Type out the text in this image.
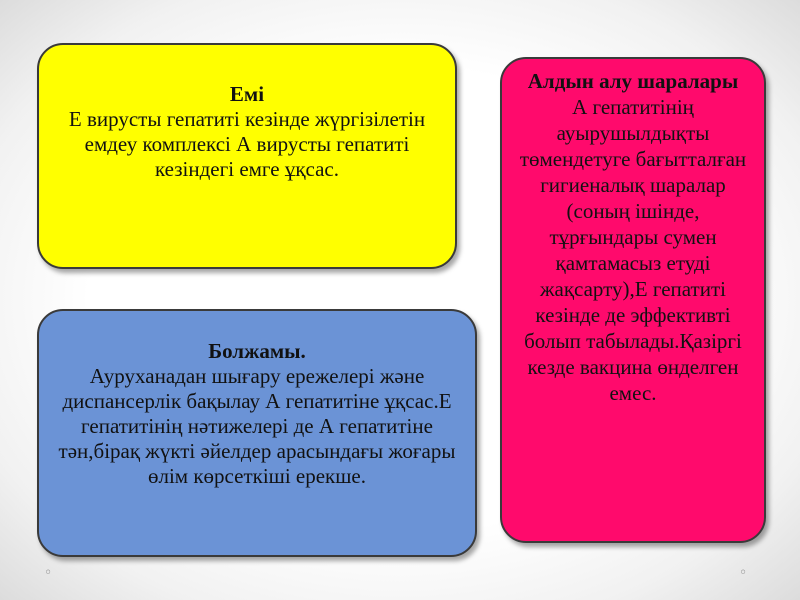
Емі
Е вирусты гепатиті кезінде жүргізілетін емдеу комплексі А вирусты гепатиті кезіндегі емге ұқсас.
Болжамы.
Ауруханадан шығару ережелері және диспансерлік бақылау А гепатитіне ұқсас.Е гепатитінің нәтижелері де А гепатитіне тән,бірақ жүкті әйелдер арасындағы жоғары өлім көрсеткіші ерекше.
Алдын алу шаралары
А гепатитінің ауырушылдықты төмендетуге бағытталған гигиеналық шаралар (соның ішінде, тұрғындары сумен қамтамасыз етуді жақсарту),Е гепатиті кезінде де эффективті болып табылады.Қазіргі кезде вакцина өнделген емес.
◦	◦
